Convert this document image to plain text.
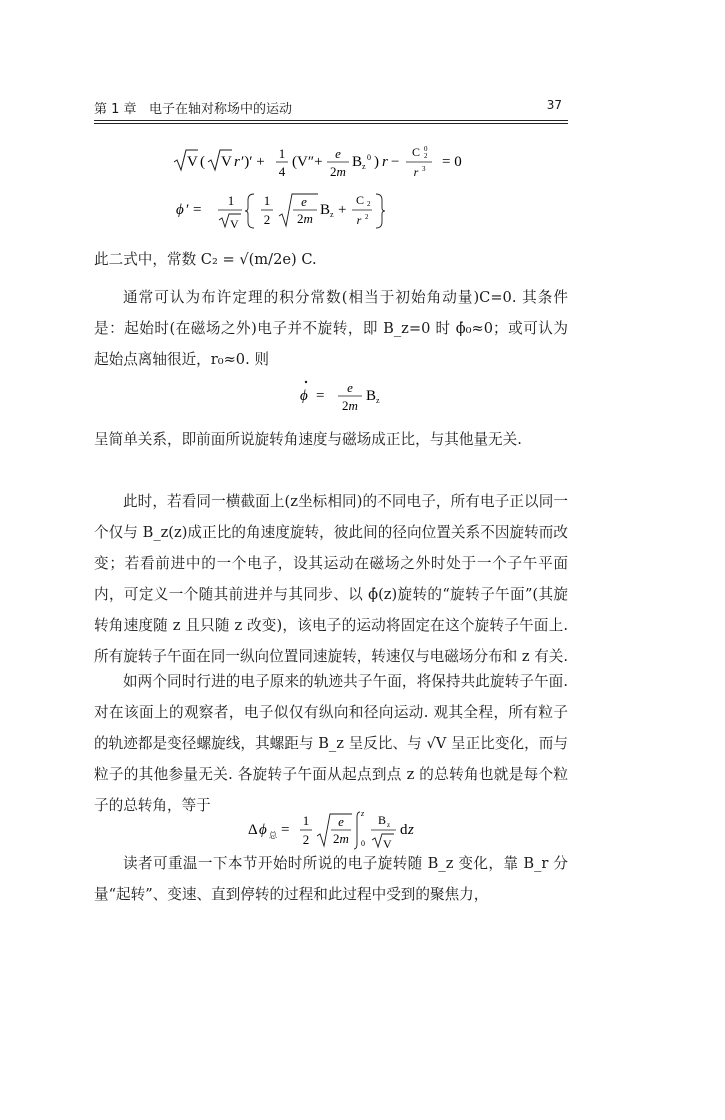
第 1 章 电子在轴对称场中的运动	37
V ( V r ′)′ +
1
4
(V″+
e
2m
B z
0 ) r −
C 2
0
r 3 = 0
ϕ ′ =
1
V
1
2
e
2m
B z +
C 2
r 2
此二式中，常数 C₂ = √(m/2e) C.
通常可认为布许定理的积分常数(相当于初始角动量)C=0. 其条件是：起始时(在磁场之外)电子并不旋转，即 B_z=0 时 ϕ̇₀≈0；或可认为起始点离轴很近，r₀≈0. 则
ϕ =
e
2m
B z
呈简单关系，即前面所说旋转角速度与磁场成正比，与其他量无关.
此时，若看同一横截面上(z坐标相同)的不同电子，所有电子正以同一个仅与 B_z(z)成正比的角速度旋转，彼此间的径向位置关系不因旋转而改变；若看前进中的一个电子，设其运动在磁场之外时处于一个子午平面内，可定义一个随其前进并与其同步、以 ϕ̇(z)旋转的“旋转子午面”(其旋转角速度随 z 且只随 z 改变)，该电子的运动将固定在这个旋转子午面上. 所有旋转子午面在同一纵向位置同速旋转，转速仅与电磁场分布和 z 有关.
如两个同时行进的电子原来的轨迹共子午面，将保持共此旋转子午面. 对在该面上的观察者，电子似仅有纵向和径向运动. 观其全程，所有粒子的轨迹都是变径螺旋线，其螺距与 B_z 呈反比、与 √V 呈正比变化，而与粒子的其他参量无关. 各旋转子午面从起点到点 z 的总转角也就是每个粒子的总转角，等于
Δ ϕ 总 =
1
2
e
2m
z
0
B z
V
d z
读者可重温一下本节开始时所说的电子旋转随 B_z 变化，靠 B_r 分量“起转”、变速、直到停转的过程和此过程中受到的聚焦力，
